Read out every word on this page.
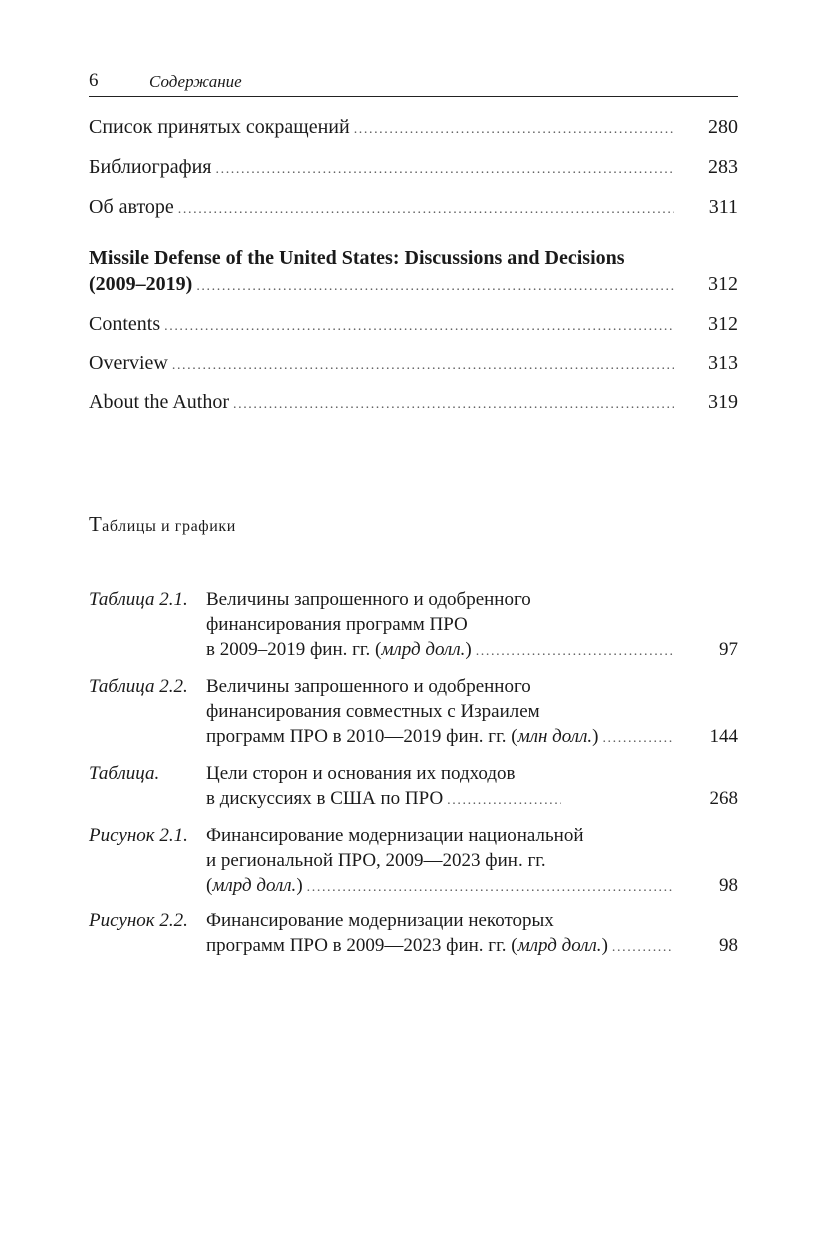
6	Содержание
Список принятых сокращений .....	280
Библиография .....	283
Об авторе .....	311
Missile Defense of the United States: Discussions and Decisions
(2009–2019) .....	312
Contents .....	312
Overview .....	313
About the Author .....	319
Таблицы и графики
Таблица 2.1. Величины запрошенного и одобренного
финансирования программ ПРО
в 2009–2019 фин. гг. (млрд долл.) .....	97
Таблица 2.2. Величины запрошенного и одобренного
финансирования совместных с Израилем
программ ПРО в 2010—2019 фин. гг. (млн долл.) .....	144
Таблица. Цели сторон и основания их подходов
в дискуссиях в США по ПРО .....	268
Рисунок 2.1. Финансирование модернизации национальной
и региональной ПРО, 2009—2023 фин. гг.
(млрд долл.) .....	98
Рисунок 2.2. Финансирование модернизации некоторых
программ ПРО в 2009—2023 фин. гг. (млрд долл.) .....	98
